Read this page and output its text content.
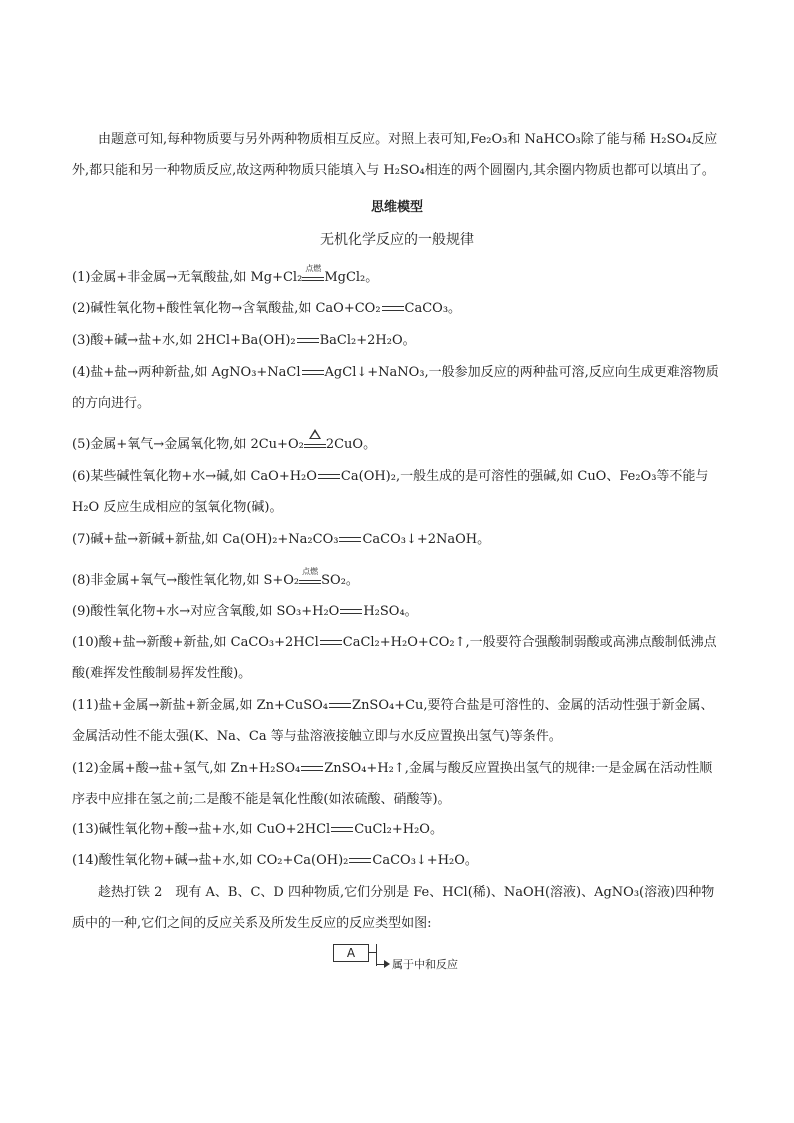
由题意可知,每种物质要与另外两种物质相互反应。对照上表可知,Fe₂O₃和 NaHCO₃除了能与稀 H₂SO₄反应外,都只能和另一种物质反应,故这两种物质只能填入与 H₂SO₄相连的两个圆圈内,其余圈内物质也都可以填出了。
思维模型
无机化学反应的一般规律
(1)金属+非金属→无氧酸盐,如 Mg+Cl₂
点燃
MgCl₂。
(2)碱性氧化物+酸性氧化物→含氧酸盐,如 CaO+CO₂ CaCO₃。
(3)酸+碱→盐+水,如 2HCl+Ba(OH)₂ BaCl₂+2H₂O。
(4)盐+盐→两种新盐,如 AgNO₃+NaCl AgCl↓+NaNO₃,一般参加反应的两种盐可溶,反应向生成更难溶物质的方向进行。
(5)金属+氧气→金属氧化物,如 2Cu+O₂ 2CuO。
(6)某些碱性氧化物+水→碱,如 CaO+H₂O Ca(OH)₂,一般生成的是可溶性的强碱,如 CuO、Fe₂O₃等不能与H₂O 反应生成相应的氢氧化物(碱)。
(7)碱+盐→新碱+新盐,如 Ca(OH)₂+Na₂CO₃ CaCO₃↓+2NaOH。
(8)非金属+氧气→酸性氧化物,如 S+O₂
点燃
SO₂。
(9)酸性氧化物+水→对应含氧酸,如 SO₃+H₂O H₂SO₄。
(10)酸+盐→新酸+新盐,如 CaCO₃+2HCl CaCl₂+H₂O+CO₂↑,一般要符合强酸制弱酸或高沸点酸制低沸点酸(难挥发性酸制易挥发性酸)。
(11)盐+金属→新盐+新金属,如 Zn+CuSO₄ ZnSO₄+Cu,要符合盐是可溶性的、金属的活动性强于新金属、金属活动性不能太强(K、Na、Ca 等与盐溶液接触立即与水反应置换出氢气)等条件。
(12)金属+酸→盐+氢气,如 Zn+H₂SO₄ ZnSO₄+H₂↑,金属与酸反应置换出氢气的规律:一是金属在活动性顺序表中应排在氢之前;二是酸不能是氧化性酸(如浓硫酸、硝酸等)。
(13)碱性氧化物+酸→盐+水,如 CuO+2HCl CuCl₂+H₂O。
(14)酸性氧化物+碱→盐+水,如 CO₂+Ca(OH)₂ CaCO₃↓+H₂O。
趁热打铁 2　现有 A、B、C、D 四种物质,它们分别是 Fe、HCl(稀)、NaOH(溶液)、AgNO₃(溶液)四种物质中的一种,它们之间的反应关系及所发生反应的反应类型如图:
A
属于中和反应
